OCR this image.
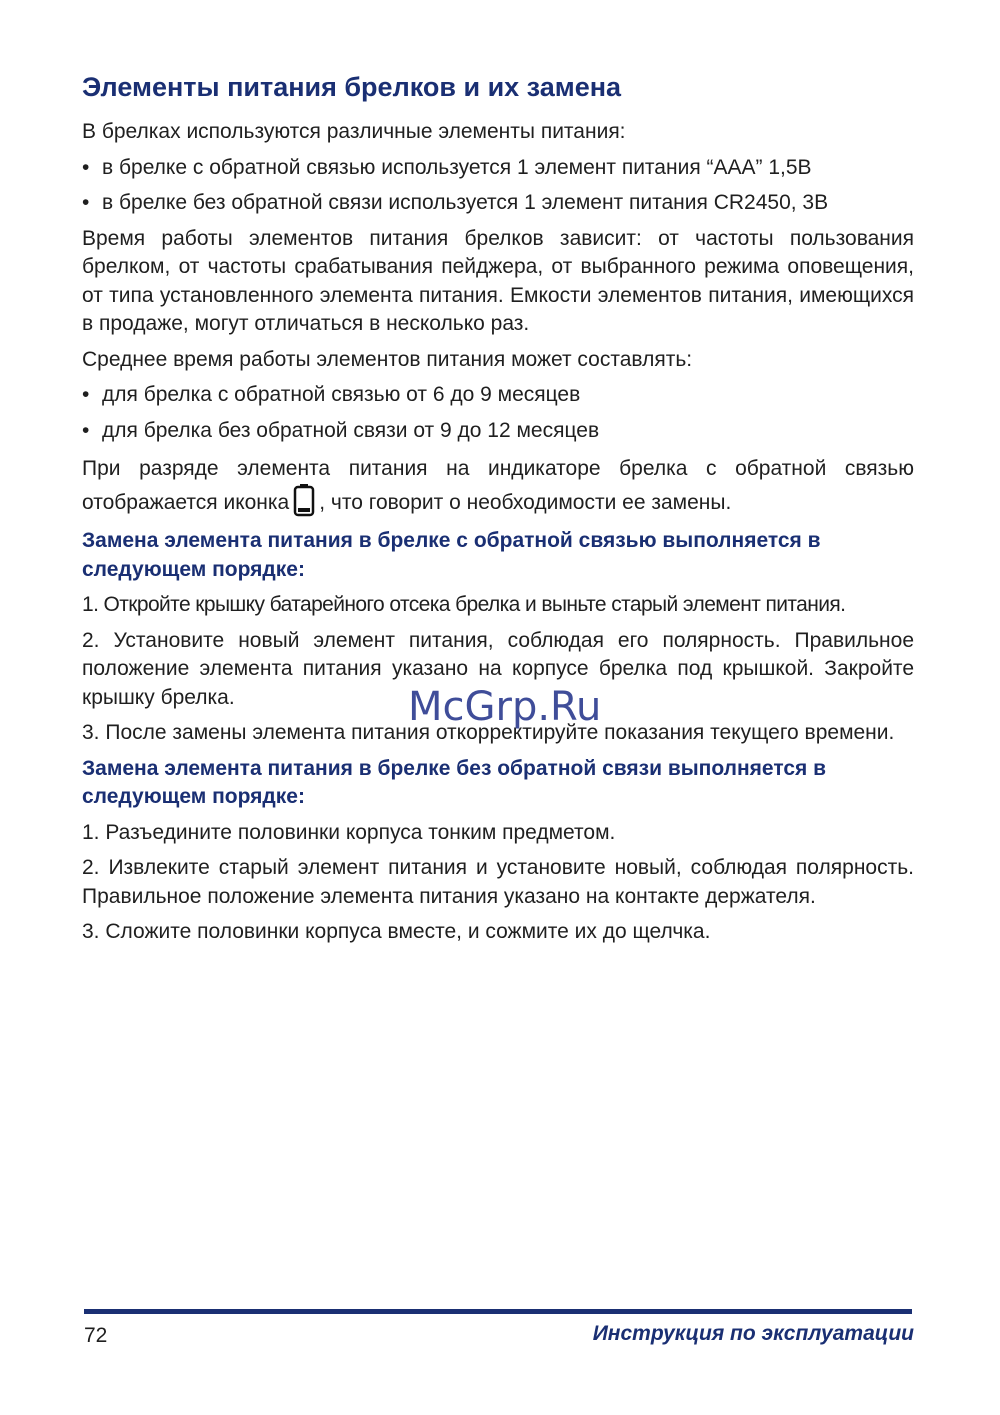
Элементы питания брелков и их замена

В брелках используются различные элементы питания:

• в брелке с обратной связью используется 1 элемент питания “ААА” 1,5В
• в брелке без обратной связи используется 1 элемент питания CR2450, 3В

Время работы элементов питания брелков зависит: от частоты пользования брелком, от частоты срабатывания пейджера, от выбранного режима оповещения, от типа установленного элемента питания. Емкости элементов питания, имеющихся в продаже, могут отличаться в несколько раз.

Среднее время работы элементов питания может составлять:

• для брелка с обратной связью от 6 до 9 месяцев
• для брелка без обратной связи от 9 до 12 месяцев

При разряде элемента питания на индикаторе брелка с обратной связью отображается иконка , что говорит о необходимости ее замены.

Замена элемента питания в брелке с обратной связью выполняется в следующем порядке:

1. Откройте крышку батарейного отсека брелка и выньте старый элемент питания.

2. Установите новый элемент питания, соблюдая его полярность. Правильное положение элемента питания указано на корпусе брелка под крышкой. Закройте крышку брелка.

3. После замены элемента питания откорректируйте показания текущего времени.

Замена элемента питания в брелке без обратной связи выполняется в следующем порядке:

1. Разъедините половинки корпуса тонким предметом.

2. Извлеките старый элемент питания и установите новый, соблюдая полярность. Правильное положение элемента питания указано на контакте держателя.

3. Сложите половинки корпуса вместе, и сожмите их до щелчка.

McGrp.Ru
72	Инструкция по эксплуатации
